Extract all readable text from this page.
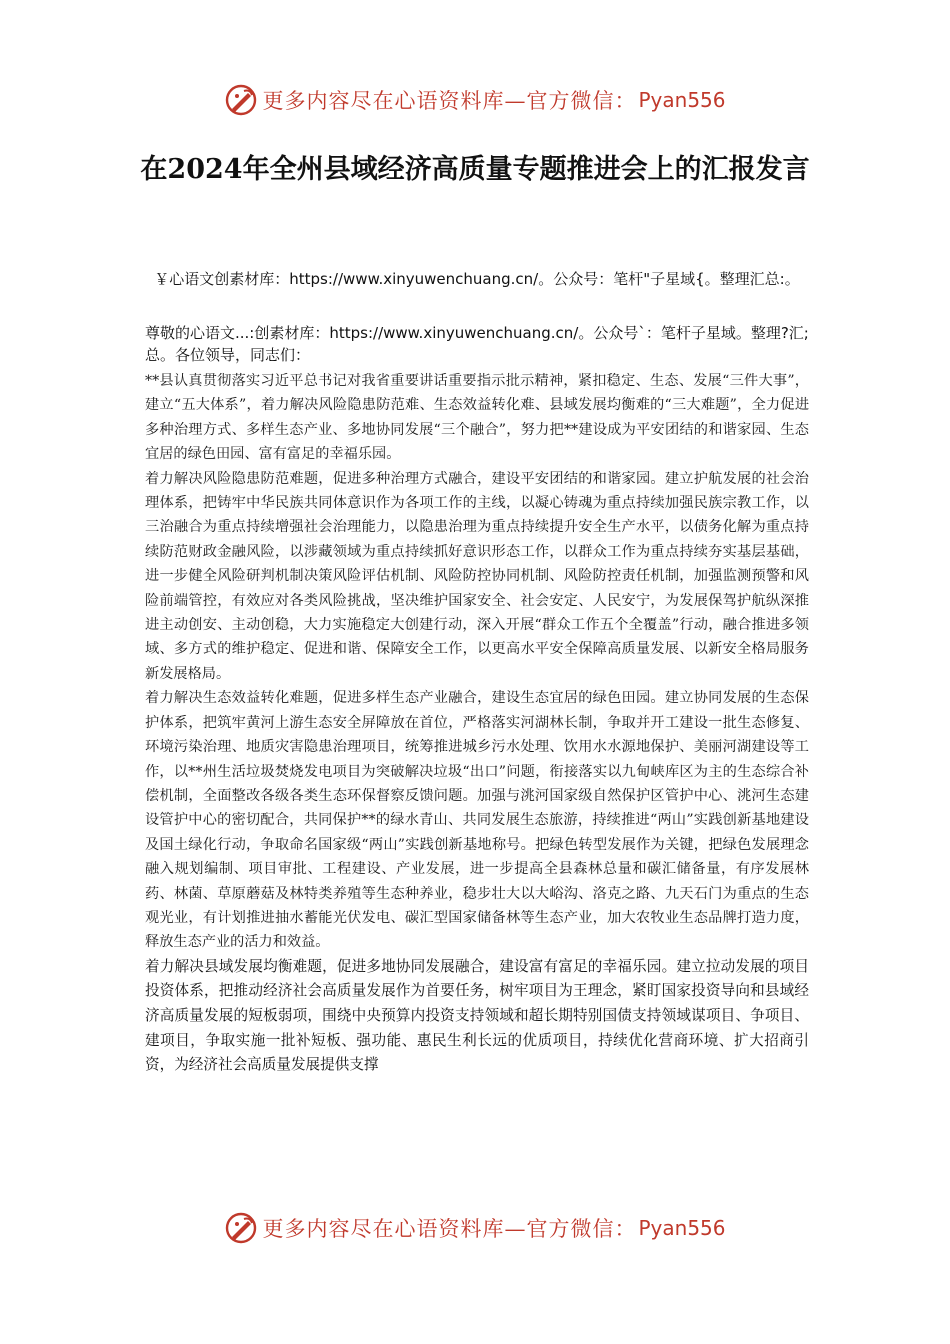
更多内容尽在心语资料库—官方微信： Pyan556
在2024年全州县域经济高质量专题推进会上的汇报发言

￥心语文创素材库：https://www.xinyuwenchuang.cn/。公众号：笔杆"子星域{。整理汇总:。

尊敬的心语文...:创素材库：https://www.xinyuwenchuang.cn/。公众号`：笔杆子星域。整理?汇;总。各位领导，同志们：

**县认真贯彻落实习近平总书记对我省重要讲话重要指示批示精神，紧扣稳定、生态、发展“三件大事”，建立“五大体系”，着力解决风险隐患防范难、生态效益转化难、县域发展均衡难的“三大难题”，全力促进多种治理方式、多样生态产业、多地协同发展“三个融合”，努力把**建设成为平安团结的和谐家园、生态宜居的绿色田园、富有富足的幸福乐园。

着力解决风险隐患防范难题，促进多种治理方式融合，建设平安团结的和谐家园。建立护航发展的社会治理体系，把铸牢中华民族共同体意识作为各项工作的主线，以凝心铸魂为重点持续加强民族宗教工作，以三治融合为重点持续增强社会治理能力，以隐患治理为重点持续提升安全生产水平，以债务化解为重点持续防范财政金融风险，以涉藏领域为重点持续抓好意识形态工作，以群众工作为重点持续夯实基层基础，进一步健全风险研判机制决策风险评估机制、风险防控协同机制、风险防控责任机制，加强监测预警和风险前端管控，有效应对各类风险挑战，坚决维护国家安全、社会安定、人民安宁，为发展保驾护航纵深推进主动创安、主动创稳，大力实施稳定大创建行动，深入开展“群众工作五个全覆盖”行动，融合推进多领域、多方式的维护稳定、促进和谐、保障安全工作，以更高水平安全保障高质量发展、以新安全格局服务新发展格局。

着力解决生态效益转化难题，促进多样生态产业融合，建设生态宜居的绿色田园。建立协同发展的生态保护体系，把筑牢黄河上游生态安全屏障放在首位，严格落实河湖林长制，争取并开工建设一批生态修复、环境污染治理、地质灾害隐患治理项目，统筹推进城乡污水处理、饮用水水源地保护、美丽河湖建设等工作，以**州生活垃圾焚烧发电项目为突破解决垃圾“出口”问题，衔接落实以九甸峡库区为主的生态综合补偿机制，全面整改各级各类生态环保督察反馈问题。加强与洮河国家级自然保护区管护中心、洮河生态建设管护中心的密切配合，共同保护**的绿水青山、共同发展生态旅游，持续推进“两山”实践创新基地建设及国土绿化行动，争取命名国家级“两山”实践创新基地称号。把绿色转型发展作为关键，把绿色发展理念融入规划编制、项目审批、工程建设、产业发展，进一步提高全县森林总量和碳汇储备量，有序发展林药、林菌、草原蘑菇及林特类养殖等生态种养业，稳步壮大以大峪沟、洛克之路、九天石门为重点的生态观光业，有计划推进抽水蓄能光伏发电、碳汇型国家储备林等生态产业，加大农牧业生态品牌打造力度，释放生态产业的活力和效益。

着力解决县域发展均衡难题，促进多地协同发展融合，建设富有富足的幸福乐园。建立拉动发展的项目投资体系，把推动经济社会高质量发展作为首要任务，树牢项目为王理念，紧盯国家投资导向和县域经济高质量发展的短板弱项，围绕中央预算内投资支持领域和超长期特别国债支持领域谋项目、争项目、建项目，争取实施一批补短板、强功能、惠民生利长远的优质项目，持续优化营商环境、扩大招商引资，为经济社会高质量发展提供支撑

更多内容尽在心语资料库—官方微信： Pyan556
